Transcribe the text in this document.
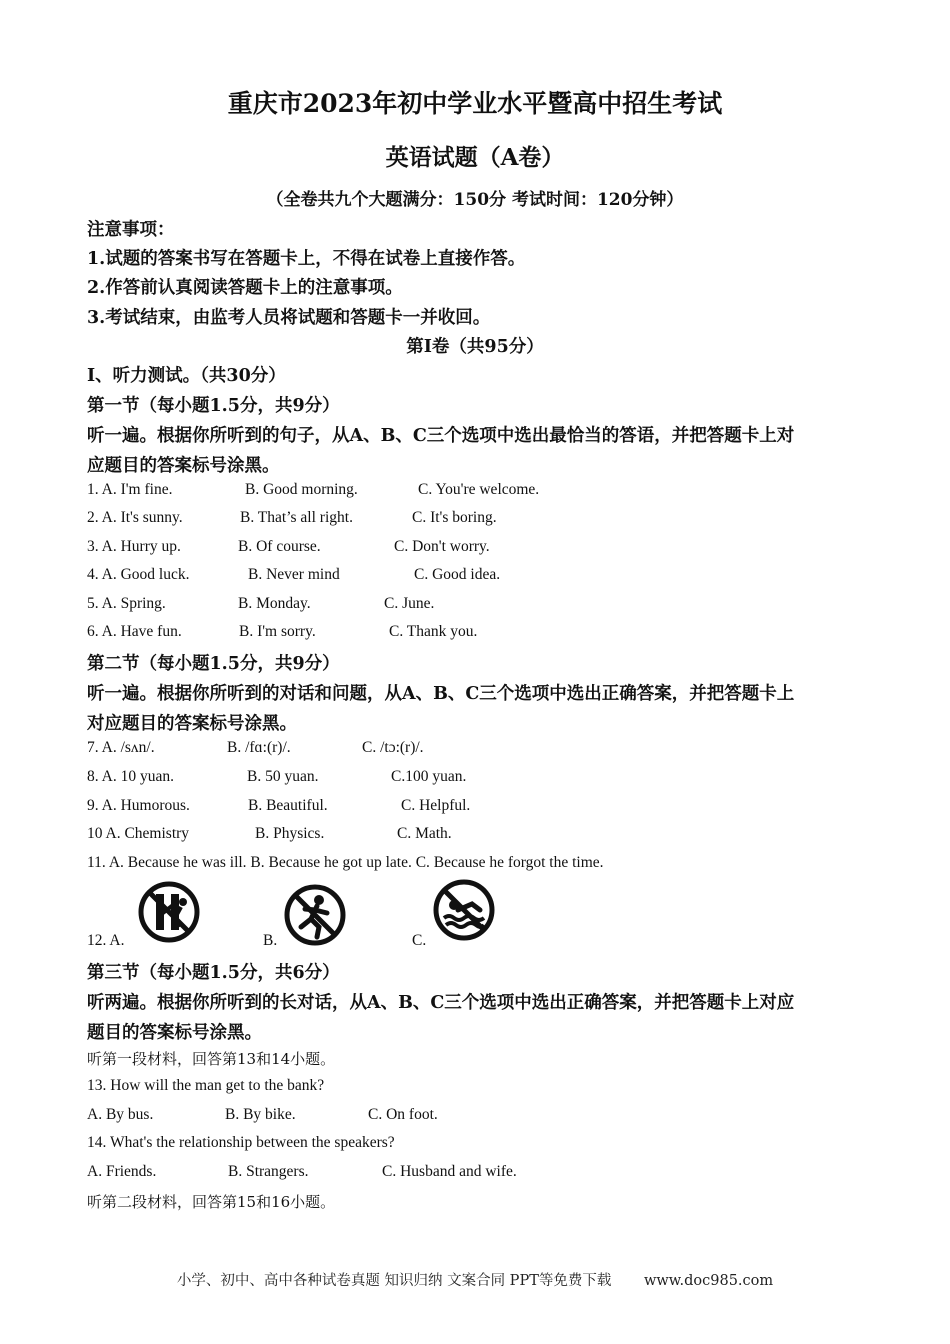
重庆市2023年初中学业水平暨高中招生考试
英语试题（A卷）
（全卷共九个大题满分：150分 考试时间：120分钟）
注意事项：
1.试题的答案书写在答题卡上，不得在试卷上直接作答。
2.作答前认真阅读答题卡上的注意事项。
3.考试结束，由监考人员将试题和答题卡一并收回。
第Ⅰ卷（共95分）
Ⅰ、听力测试。（共30分）
第一节（每小题1.5分，共9分）
听一遍。根据你所听到的句子，从A、B、C三个选项中选出最恰当的答语，并把答题卡上对
应题目的答案标号涂黑。
1. A. I'm fine.	B. Good morning.	C. You're welcome.
2. A. It's sunny.	B. That’s all right.	C. It's boring.
3. A. Hurry up.	B. Of course.	C. Don't worry.
4. A. Good luck.	B. Never mind	C. Good idea.
5. A. Spring.	B. Monday.	C. June.
6. A. Have fun.	B. I'm sorry.	C. Thank you.
第二节（每小题1.5分，共9分）
听一遍。根据你所听到的对话和问题，从A、B、C三个选项中选出正确答案，并把答题卡上
对应题目的答案标号涂黑。
7. A. /sʌn/.	B. /fɑ:(r)/.	C. /tɔ:(r)/.
8. A. 10 yuan.	B. 50 yuan.	C.100 yuan.
9. A. Humorous.	B. Beautiful.	C. Helpful.
10 A. Chemistry	B. Physics.	C. Math.
11. A. Because he was ill. B. Because he got up late. C. Because he forgot the time.
12. A.	B.	C.
第三节（每小题1.5分，共6分）
听两遍。根据你所听到的长对话，从A、B、C三个选项中选出正确答案，并把答题卡上对应
题目的答案标号涂黑。
听第一段材料，回答第13和14小题。
13. How will the man get to the bank?
A. By bus.	B. By bike.	C. On foot.
14. What's the relationship between the speakers?
A. Friends.	B. Strangers.	C. Husband and wife.
听第二段材料，回答第15和16小题。
小学、初中、高中各种试卷真题 知识归纳 文案合同 PPT等免费下载 www.doc985.com
